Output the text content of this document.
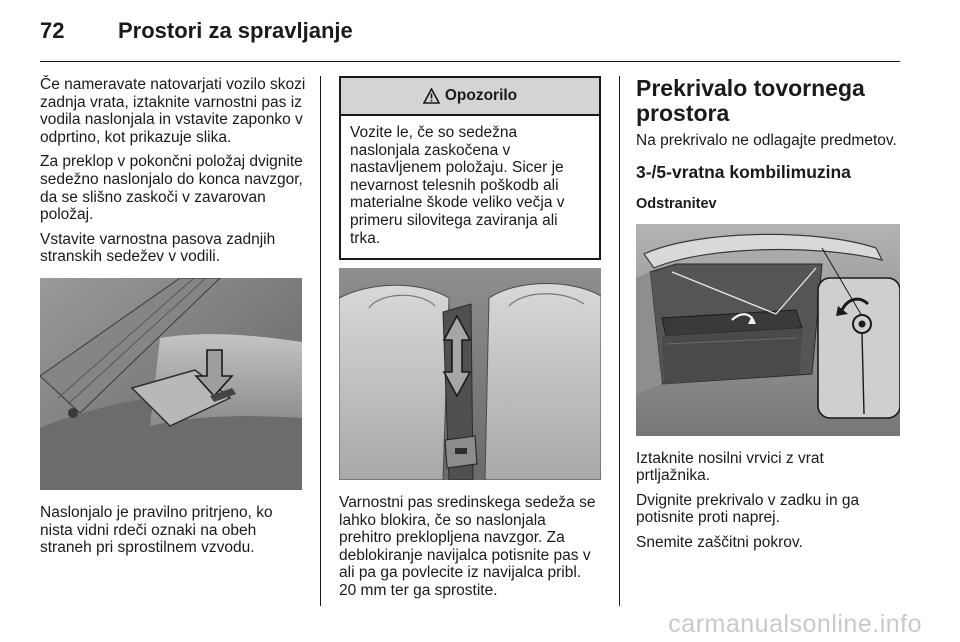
72 Prostori za spravljanje

Če nameravate natovarjati vozilo skozi zadnja vrata, iztaknite varnostni pas iz vodila naslonjala in vstavite zaponko v odprtino, kot prikazuje slika.

Za preklop v pokončni položaj dvignite sedežno naslonjalo do konca navzgor, da se slišno zaskoči v zavarovan položaj.

Vstavite varnostna pasova zadnjih stranskih sedežev v vodili.

Naslonjalo je pravilno pritrjeno, ko nista vidni rdeči oznaki na obeh straneh pri sprostilnem vzvodu.

Opozorilo

Vozite le, če so sedežna naslonjala zaskočena v nastavljenem položaju. Sicer je nevarnost telesnih poškodb ali materialne škode veliko večja v primeru silovitega zaviranja ali trka.

Varnostni pas sredinskega sedeža se lahko blokira, če so naslonjala prehitro preklopljena navzgor. Za deblokiranje navijalca potisnite pas v ali pa ga povlecite iz navijalca pribl. 20 mm ter ga sprostite.

Prekrivalo tovornega prostora

Na prekrivalo ne odlagajte predmetov.

3-/5-vratna kombilimuzina
Odstranitev

Iztaknite nosilni vrvici z vrat prtljažnika.

Dvignite prekrivalo v zadku in ga potisnite proti naprej.

Snemite zaščitni pokrov.

carmanualsonline.info
